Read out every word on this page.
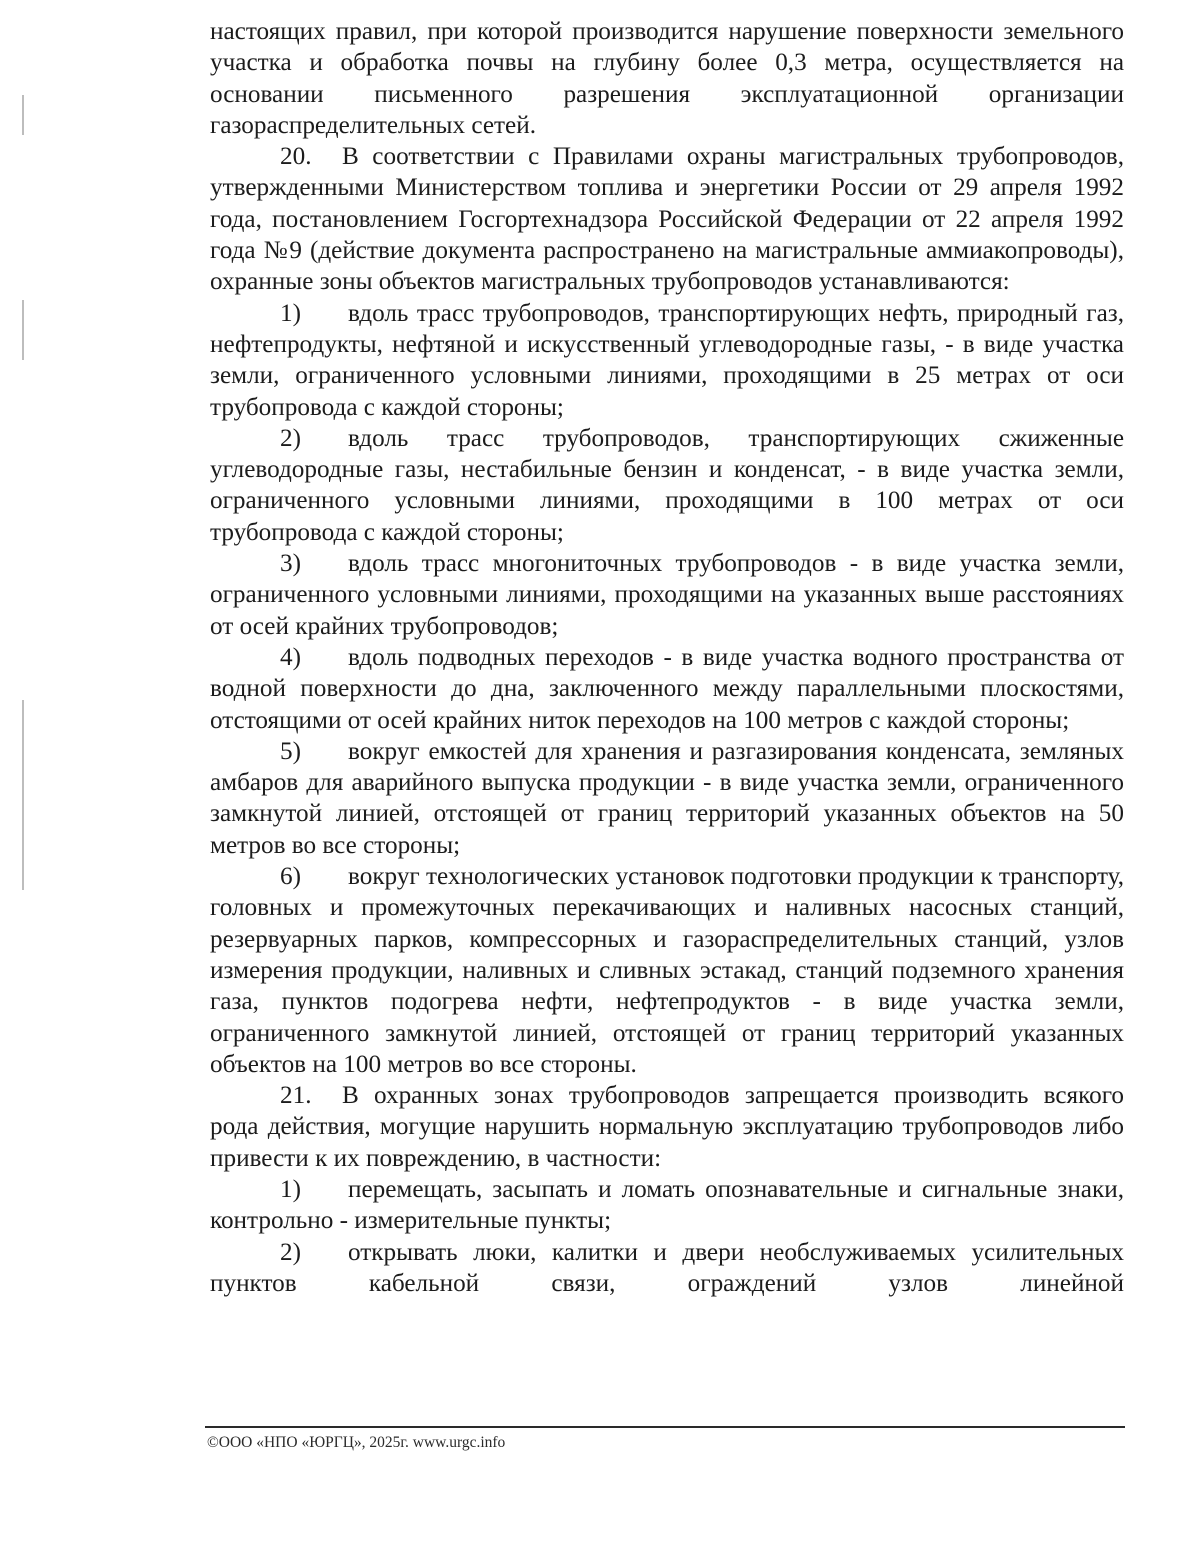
настоящих правил, при которой производится нарушение поверхности земельного участка и обработка почвы на глубину более 0,3 метра, осуществляется на основании письменного разрешения эксплуатационной организации газораспределительных сетей.

20. В соответствии с Правилами охраны магистральных трубопроводов, утвержденными Министерством топлива и энергетики России от 29 апреля 1992 года, постановлением Госгортехнадзора Российской Федерации от 22 апреля 1992 года №9 (действие документа распространено на магистральные аммиакопроводы), охранные зоны объектов магистральных трубопроводов устанавливаются:

1) вдоль трасс трубопроводов, транспортирующих нефть, природный газ, нефтепродукты, нефтяной и искусственный углеводородные газы, - в виде участка земли, ограниченного условными линиями, проходящими в 25 метрах от оси трубопровода с каждой стороны;

2) вдоль трасс трубопроводов, транспортирующих сжиженные углеводородные газы, нестабильные бензин и конденсат, - в виде участка земли, ограниченного условными линиями, проходящими в 100 метрах от оси трубопровода с каждой стороны;

3) вдоль трасс многониточных трубопроводов - в виде участка земли, ограниченного условными линиями, проходящими на указанных выше расстояниях от осей крайних трубопроводов;

4) вдоль подводных переходов - в виде участка водного пространства от водной поверхности до дна, заключенного между параллельными плоскостями, отстоящими от осей крайних ниток переходов на 100 метров с каждой стороны;

5) вокруг емкостей для хранения и разгазирования конденсата, земляных амбаров для аварийного выпуска продукции - в виде участка земли, ограниченного замкнутой линией, отстоящей от границ территорий указанных объектов на 50 метров во все стороны;

6) вокруг технологических установок подготовки продукции к транспорту, головных и промежуточных перекачивающих и наливных насосных станций, резервуарных парков, компрессорных и газораспределительных станций, узлов измерения продукции, наливных и сливных эстакад, станций подземного хранения газа, пунктов подогрева нефти, нефтепродуктов - в виде участка земли, ограниченного замкнутой линией, отстоящей от границ территорий указанных объектов на 100 метров во все стороны.

21. В охранных зонах трубопроводов запрещается производить всякого рода действия, могущие нарушить нормальную эксплуатацию трубопроводов либо привести к их повреждению, в частности:

1) перемещать, засыпать и ломать опознавательные и сигнальные знаки, контрольно - измерительные пункты;

2) открывать люки, калитки и двери необслуживаемых усилительных пунктов кабельной связи, ограждений узлов линейной

©ООО «НПО «ЮРГЦ», 2025г. www.urgc.info
